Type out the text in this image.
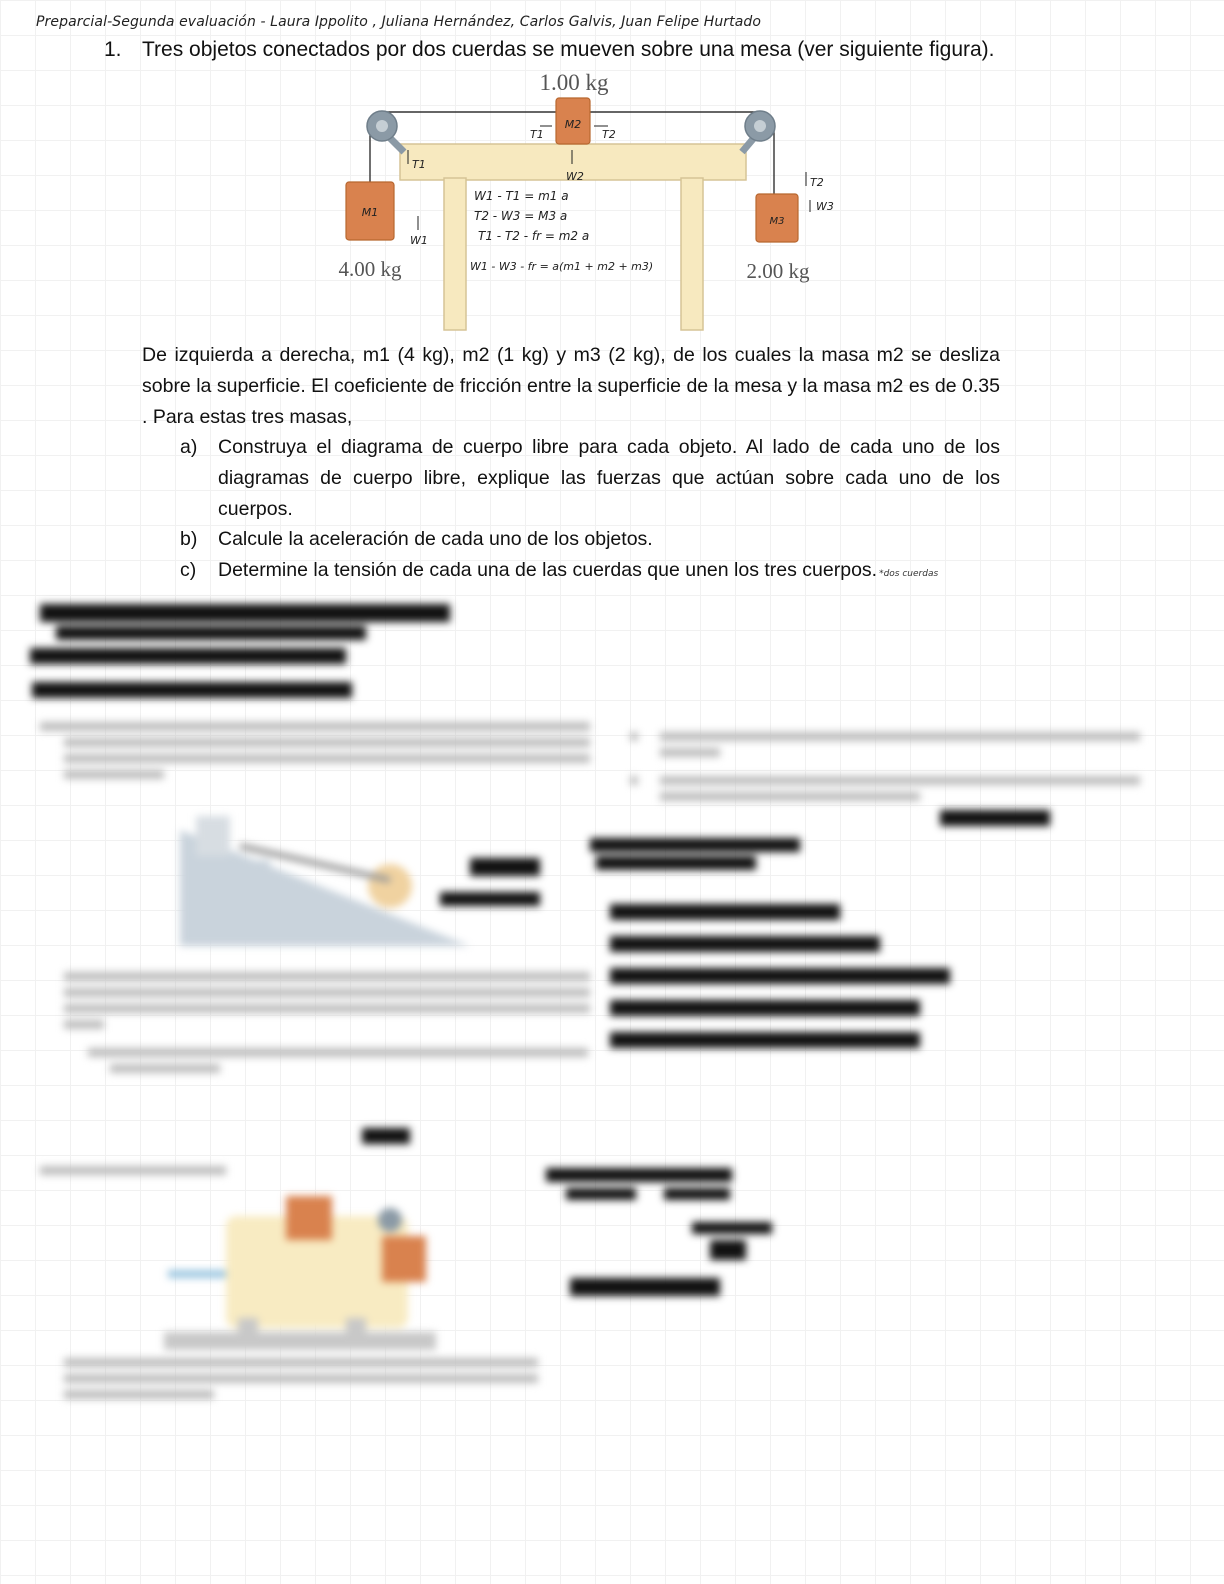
Preparcial-Segunda evaluación - Laura Ippolito , Juliana Hernández, Carlos Galvis, Juan Felipe Hurtado
1. Tres objetos conectados por dos cuerdas se mueven sobre una mesa (ver siguiente figura).
1.00 kg
4.00 kg	2.00 kg
M2
M1
M3
T1	T2
T1
W2
W1
T2
W3
W1 - T1 = m1 a
T2 - W3 = M3 a
T1 - T2 - fr = m2 a
W1 - W3 - fr = a(m1 + m2 + m3)
De izquierda a derecha, m1 (4 kg), m2 (1 kg) y m3 (2 kg), de los cuales la masa m2 se desliza sobre la superficie. El coeficiente de fricción entre la superficie de la mesa y la masa m2 es de 0.35 . Para estas tres masas,
a)	Construya el diagrama de cuerpo libre para cada objeto. Al lado de cada uno de los diagramas de cuerpo libre, explique las fuerzas que actúan sobre cada uno de los cuerpos.
b)	Calcule la aceleración de cada uno de los objetos.
c)	Determine la tensión de cada una de las cuerdas que unen los tres cuerpos. *dos cuerdas
